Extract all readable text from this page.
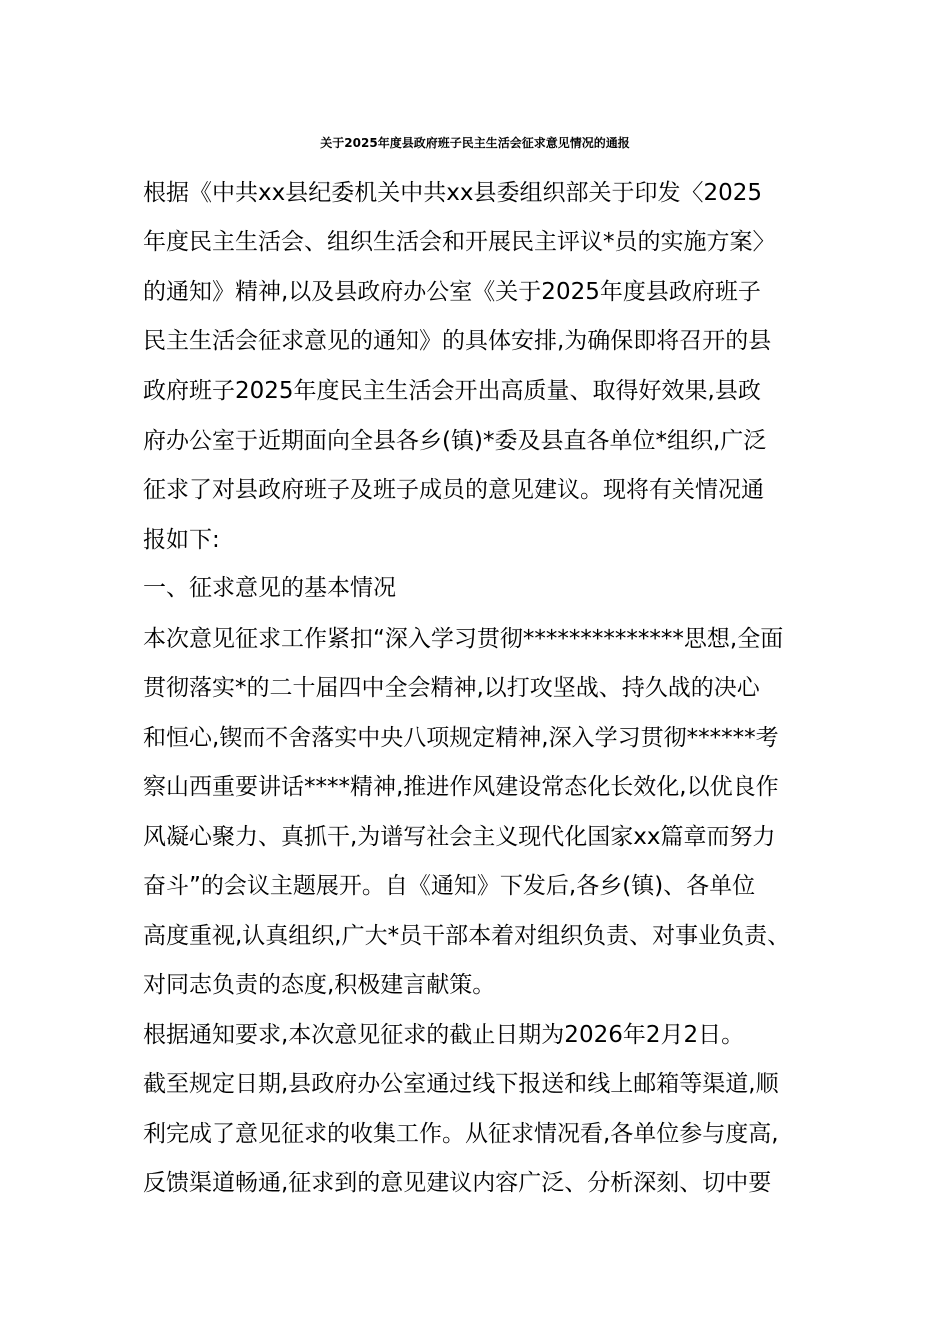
关于2025年度县政府班子民主生活会征求意见情况的通报
根据《中共xx县纪委机关中共xx县委组织部关于印发〈2025
年度民主生活会、组织生活会和开展民主评议*员的实施方案〉
的通知》精神,以及县政府办公室《关于2025年度县政府班子
民主生活会征求意见的通知》的具体安排,为确保即将召开的县
政府班子2025年度民主生活会开出高质量、取得好效果,县政
府办公室于近期面向全县各乡(镇)*委及县直各单位*组织,广泛
征求了对县政府班子及班子成员的意见建议。现将有关情况通
报如下:
一、征求意见的基本情况
本次意见征求工作紧扣“深入学习贯彻**************思想,全面
贯彻落实*的二十届四中全会精神,以打攻坚战、持久战的决心
和恒心,锲而不舍落实中央八项规定精神,深入学习贯彻******考
察山西重要讲话****精神,推进作风建设常态化长效化,以优良作
风凝心聚力、真抓干,为谱写社会主义现代化国家xx篇章而努力
奋斗”的会议主题展开。自《通知》下发后,各乡(镇)、各单位
高度重视,认真组织,广大*员干部本着对组织负责、对事业负责、
对同志负责的态度,积极建言献策。
根据通知要求,本次意见征求的截止日期为2026年2月2日。
截至规定日期,县政府办公室通过线下报送和线上邮箱等渠道,顺
利完成了意见征求的收集工作。从征求情况看,各单位参与度高,
反馈渠道畅通,征求到的意见建议内容广泛、分析深刻、切中要
